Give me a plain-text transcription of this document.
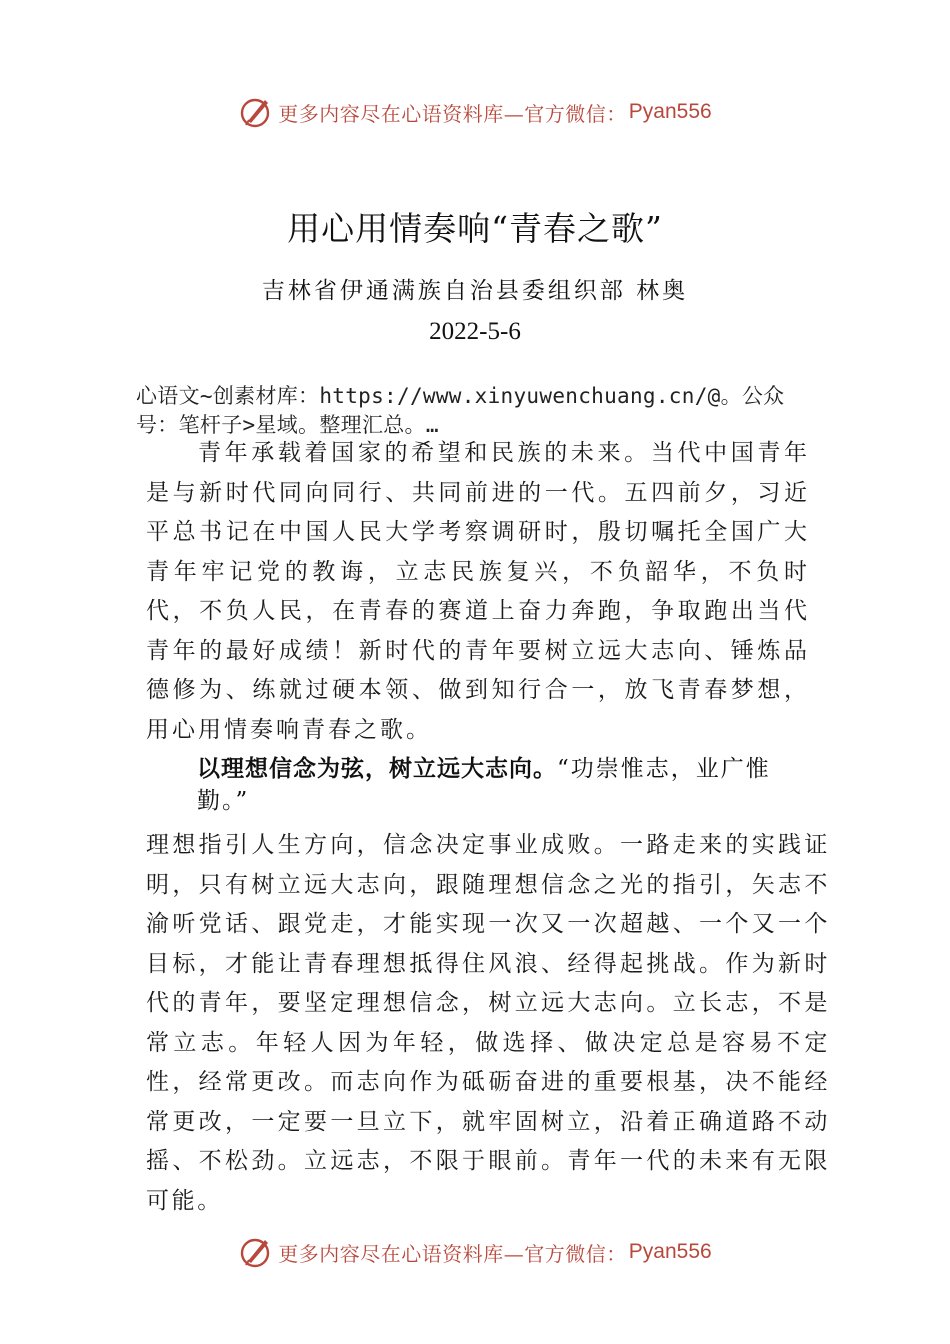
更多内容尽在心语资料库—官方微信： Pyan556
用心用情奏响“青春之歌”
吉林省伊通满族自治县委组织部 林奥
2022-5-6
心语文~创素材库：https://www.xinyuwenchuang.cn/@。公众号：笔杆子>星域。整理汇总。…
青年承载着国家的希望和民族的未来。当代中国青年是与新时代同向同行、共同前进的一代。五四前夕，习近平总书记在中国人民大学考察调研时，殷切嘱托全国广大青年牢记党的教诲，立志民族复兴，不负韶华，不负时代，不负人民，在青春的赛道上奋力奔跑，争取跑出当代青年的最好成绩！新时代的青年要树立远大志向、锤炼品德修为、练就过硬本领、做到知行合一，放飞青春梦想，用心用情奏响青春之歌。
以理想信念为弦，树立远大志向。“功崇惟志，业广惟勤。”
理想指引人生方向，信念决定事业成败。一路走来的实践证明，只有树立远大志向，跟随理想信念之光的指引，矢志不渝听党话、跟党走，才能实现一次又一次超越、一个又一个目标，才能让青春理想抵得住风浪、经得起挑战。作为新时代的青年，要坚定理想信念，树立远大志向。立长志，不是常立志。年轻人因为年轻，做选择、做决定总是容易不定性，经常更改。而志向作为砥砺奋进的重要根基，决不能经常更改，一定要一旦立下，就牢固树立，沿着正确道路不动摇、不松劲。立远志，不限于眼前。青年一代的未来有无限可能。
更多内容尽在心语资料库—官方微信： Pyan556
